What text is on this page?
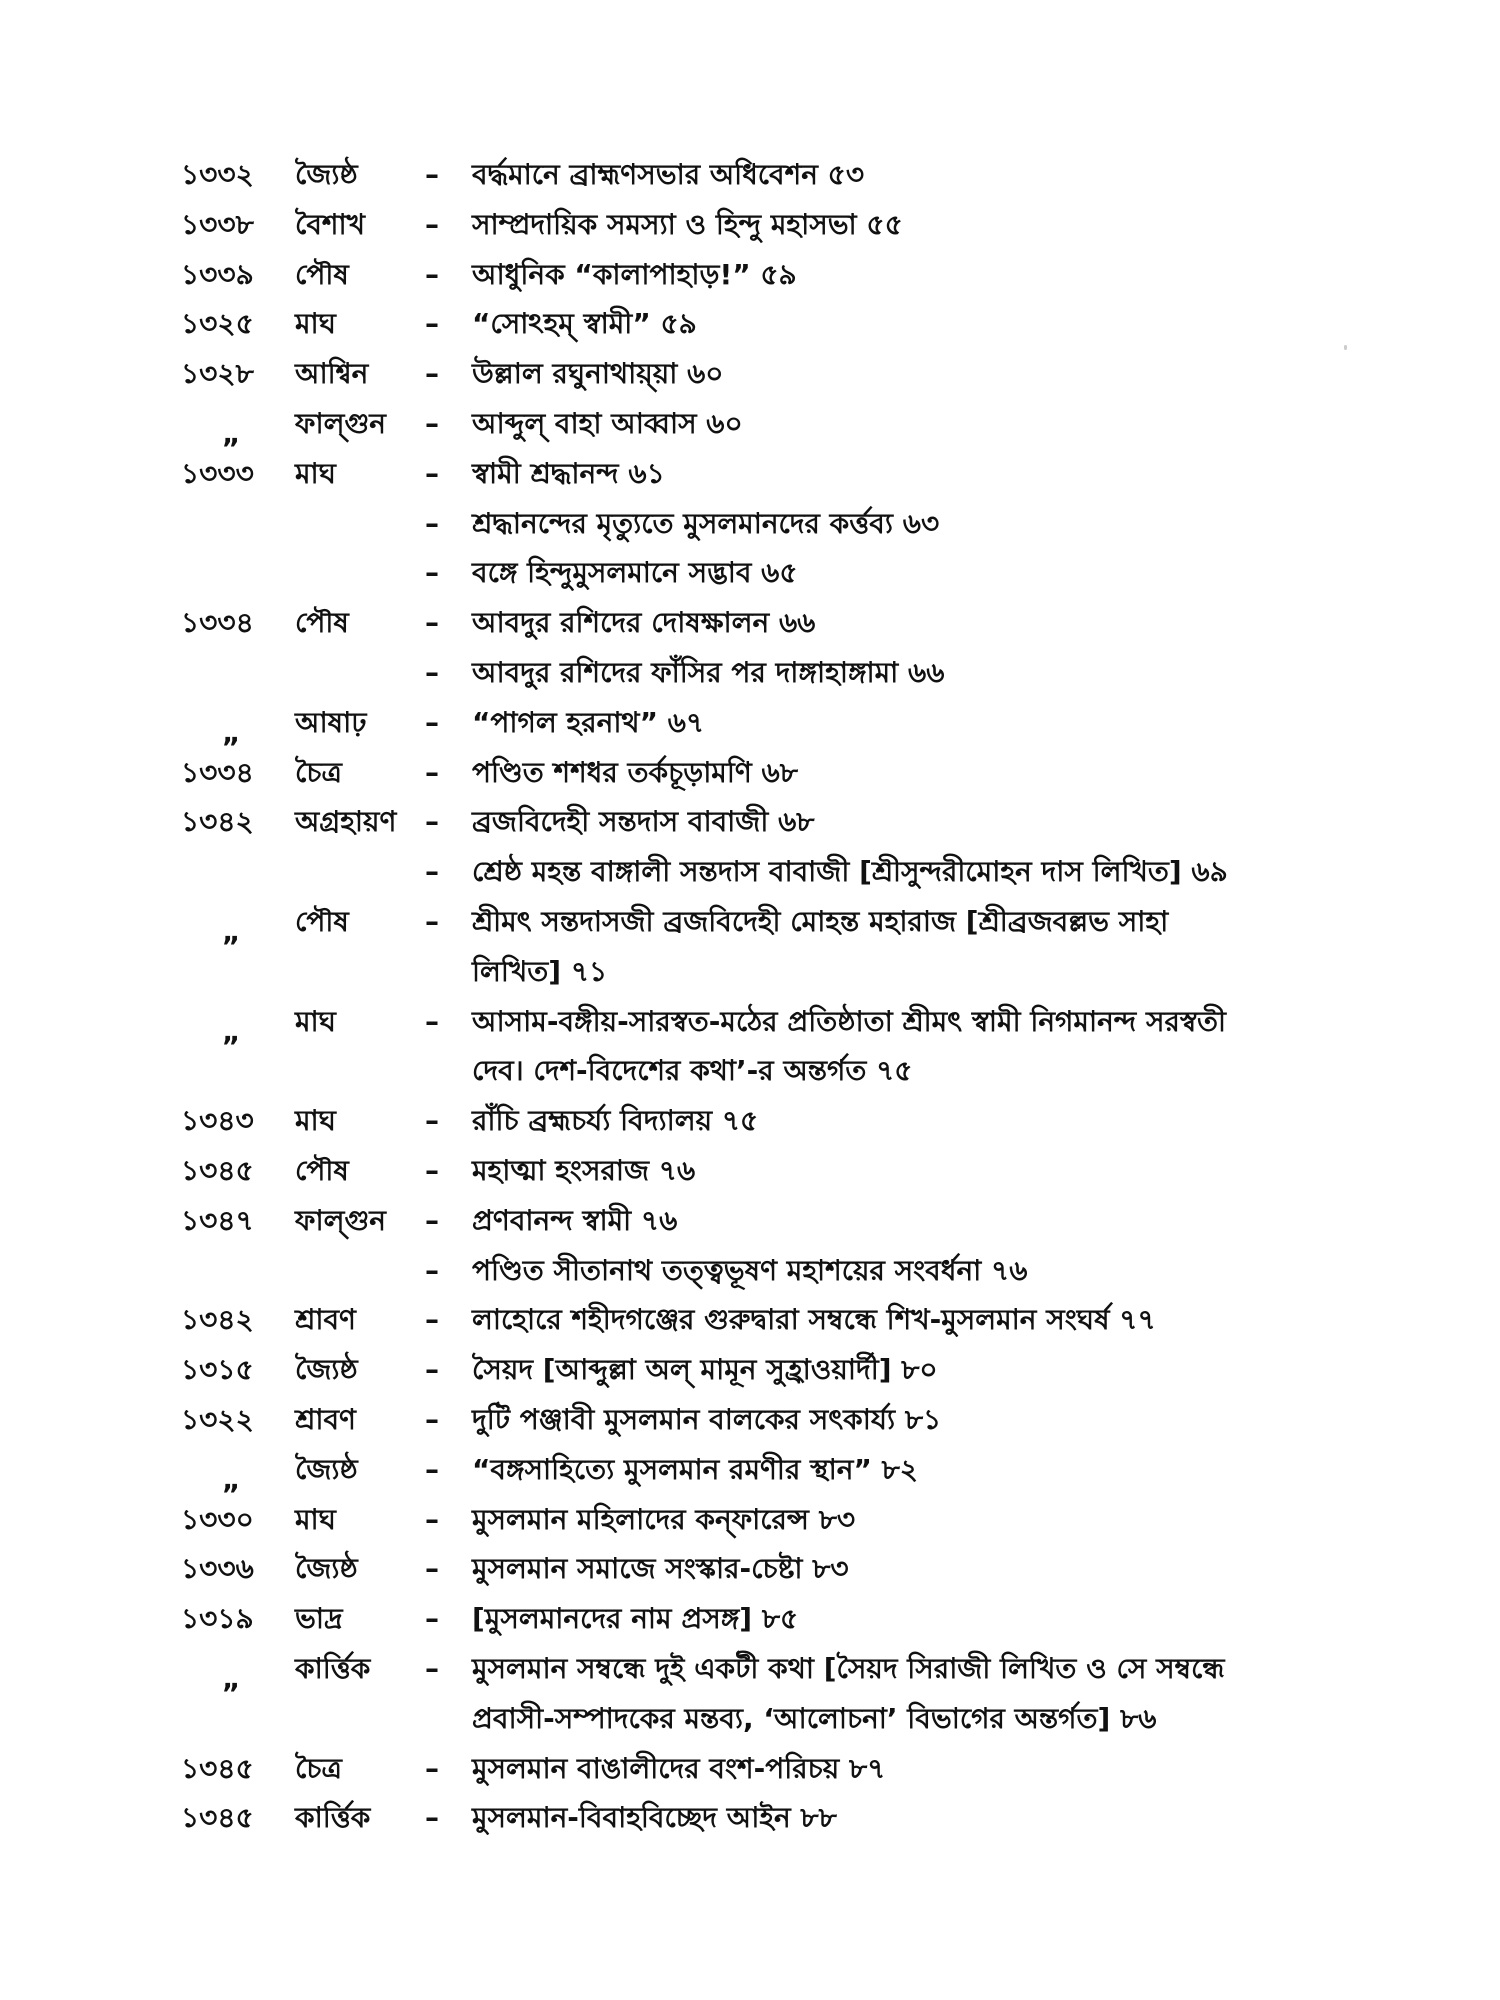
১৩৩২ জ্যৈষ্ঠ – বর্দ্ধমানে ব্রাহ্মণসভার অধিবেশন ৫৩
১৩৩৮ বৈশাখ – সাম্প্রদায়িক সমস্যা ও হিন্দু মহাসভা ৫৫
১৩৩৯ পৌষ	– আধুনিক “কালাপাহাড়!” ৫৯
১৩২৫ মাঘ	– “সোঽহম্ স্বামী” ৫৯
১৩২৮ আশ্বিন – উল্লাল রঘুনাথায়্য়া ৬০
„ ফাল্গুন – আব্দুল্ বাহা আব্বাস ৬০
১৩৩৩ মাঘ	– স্বামী শ্রদ্ধানন্দ ৬১
– শ্রদ্ধানন্দের মৃত্যুতে মুসলমানদের কর্ত্তব্য ৬৩
– বঙ্গে হিন্দুমুসলমানে সদ্ভাব ৬৫
১৩৩৪ পৌষ	– আবদুর রশিদের দোষক্ষালন ৬৬
– আবদুর রশিদের ফাঁসির পর দাঙ্গাহাঙ্গামা ৬৬
„ আষাঢ় – “পাগল হরনাথ” ৬৭
১৩৩৪ চৈত্র	– পণ্ডিত শশধর তর্কচূড়ামণি ৬৮
১৩৪২ অগ্রহায়ণ – ব্রজবিদেহী সন্তদাস বাবাজী ৬৮
– শ্রেষ্ঠ মহন্ত বাঙ্গালী সন্তদাস বাবাজী [শ্রীসুন্দরীমোহন দাস লিখিত] ৬৯
„ পৌষ	– শ্রীমৎ সন্তদাসজী ব্রজবিদেহী মোহন্ত মহারাজ [শ্রীব্রজবল্লভ সাহা
লিখিত] ৭১
„ মাঘ	– আসাম-বঙ্গীয়-সারস্বত-মঠের প্রতিষ্ঠাতা শ্রীমৎ স্বামী নিগমানন্দ সরস্বতী
দেব। দেশ-বিদেশের কথা’-র অন্তর্গত ৭৫
১৩৪৩ মাঘ	– রাঁচি ব্রহ্মচর্য্য বিদ্যালয় ৭৫
১৩৪৫ পৌষ	– মহাত্মা হংসরাজ ৭৬
১৩৪৭ ফাল্গুন – প্রণবানন্দ স্বামী ৭৬
– পণ্ডিত সীতানাথ তত্ত্বভূষণ মহাশয়ের সংবর্ধনা ৭৬
১৩৪২ শ্রাবণ – লাহোরে শহীদগঞ্জের গুরুদ্বারা সম্বন্ধে শিখ-মুসলমান সংঘর্ষ ৭৭
১৩১৫ জ্যৈষ্ঠ – সৈয়দ [আব্দুল্লা অল্ মামূন সুহ্রাওয়ার্দী] ৮০
১৩২২ শ্রাবণ – দুটি পঞ্জাবী মুসলমান বালকের সৎকার্য্য ৮১
„ জ্যৈষ্ঠ – “বঙ্গসাহিত্যে মুসলমান রমণীর স্থান” ৮২
১৩৩০ মাঘ	– মুসলমান মহিলাদের কন্ফারেন্স ৮৩
১৩৩৬ জ্যৈষ্ঠ – মুসলমান সমাজে সংস্কার-চেষ্টা ৮৩
১৩১৯ ভাদ্র	– [মুসলমানদের নাম প্রসঙ্গ] ৮৫
„ কার্ত্তিক – মুসলমান সম্বন্ধে দুই একটী কথা [সৈয়দ সিরাজী লিখিত ও সে সম্বন্ধে
প্রবাসী-সম্পাদকের মন্তব্য, ‘আলোচনা’ বিভাগের অন্তর্গত] ৮৬
১৩৪৫ চৈত্র	– মুসলমান বাঙালীদের বংশ-পরিচয় ৮৭
১৩৪৫ কার্ত্তিক – মুসলমান-বিবাহবিচ্ছেদ আইন ৮৮
